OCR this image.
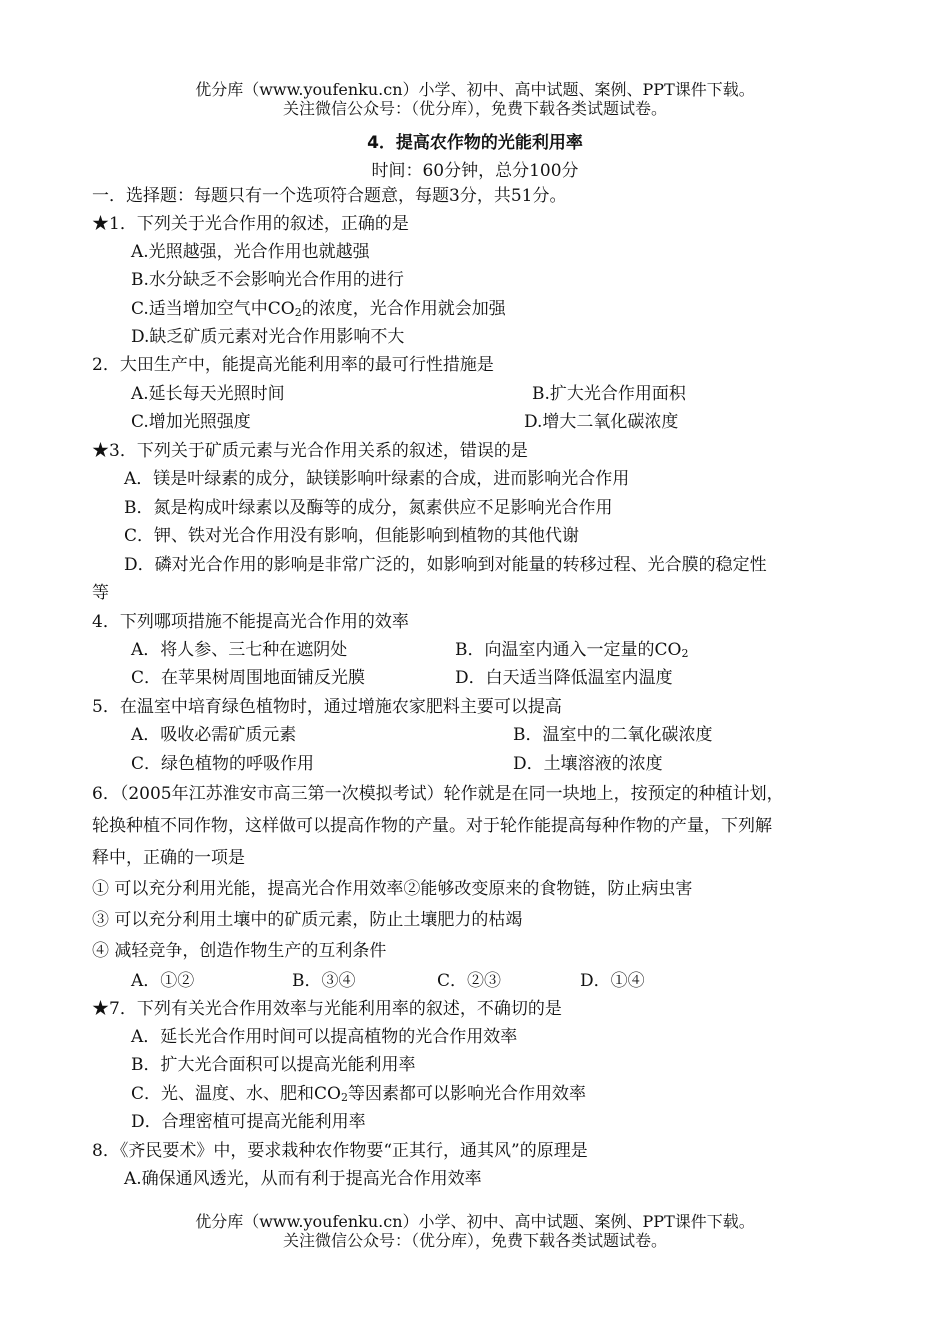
优分库（www.youfenku.cn）小学、初中、高中试题、案例、PPT课件下载。
关注微信公众号：（优分库），免费下载各类试题试卷。
4．提高农作物的光能利用率
时间：60分钟，总分100分
一．选择题：每题只有一个选项符合题意，每题3分，共51分。
★1．下列关于光合作用的叙述，正确的是
A.光照越强，光合作用也就越强
B.水分缺乏不会影响光合作用的进行
C.适当增加空气中$CO_2$的浓度，光合作用就会加强
D.缺乏矿质元素对光合作用影响不大
2．大田生产中，能提高光能利用率的最可行性措施是
A.延长每天光照时间	B.扩大光合作用面积
C.增加光照强度	D.增大二氧化碳浓度
★3．下列关于矿质元素与光合作用关系的叙述，错误的是
A．镁是叶绿素的成分，缺镁影响叶绿素的合成，进而影响光合作用
B．氮是构成叶绿素以及酶等的成分，氮素供应不足影响光合作用
C．钾、铁对光合作用没有影响，但能影响到植物的其他代谢
D．磷对光合作用的影响是非常广泛的，如影响到对能量的转移过程、光合膜的稳定性
等
4．下列哪项措施不能提高光合作用的效率
A．将人参、三七种在遮阴处	B．向温室内通入一定量的$CO_2$
C．在苹果树周围地面铺反光膜	D．白天适当降低温室内温度
5．在温室中培育绿色植物时，通过增施农家肥料主要可以提高
A．吸收必需矿质元素	B．温室中的二氧化碳浓度
C．绿色植物的呼吸作用	D．土壤溶液的浓度
6．（2005年江苏淮安市高三第一次模拟考试）轮作就是在同一块地上，按预定的种植计划，
轮换种植不同作物，这样做可以提高作物的产量。对于轮作能提高每种作物的产量，下列解
释中，正确的一项是
① 可以充分利用光能，提高光合作用效率②能够改变原来的食物链，防止病虫害
③ 可以充分利用土壤中的矿质元素，防止土壤肥力的枯竭
④ 减轻竞争，创造作物生产的互利条件
A．①②	B．③④	C．②③	D．①④
★7．下列有关光合作用效率与光能利用率的叙述，不确切的是
A．延长光合作用时间可以提高植物的光合作用效率
B．扩大光合面积可以提高光能利用率
C．光、温度、水、肥和$CO_2$等因素都可以影响光合作用效率
D．合理密植可提高光能利用率
8．《齐民要术》中，要求栽种农作物要“正其行，通其风”的原理是
A.确保通风透光，从而有利于提高光合作用效率
优分库（www.youfenku.cn）小学、初中、高中试题、案例、PPT课件下载。
关注微信公众号：（优分库），免费下载各类试题试卷。
